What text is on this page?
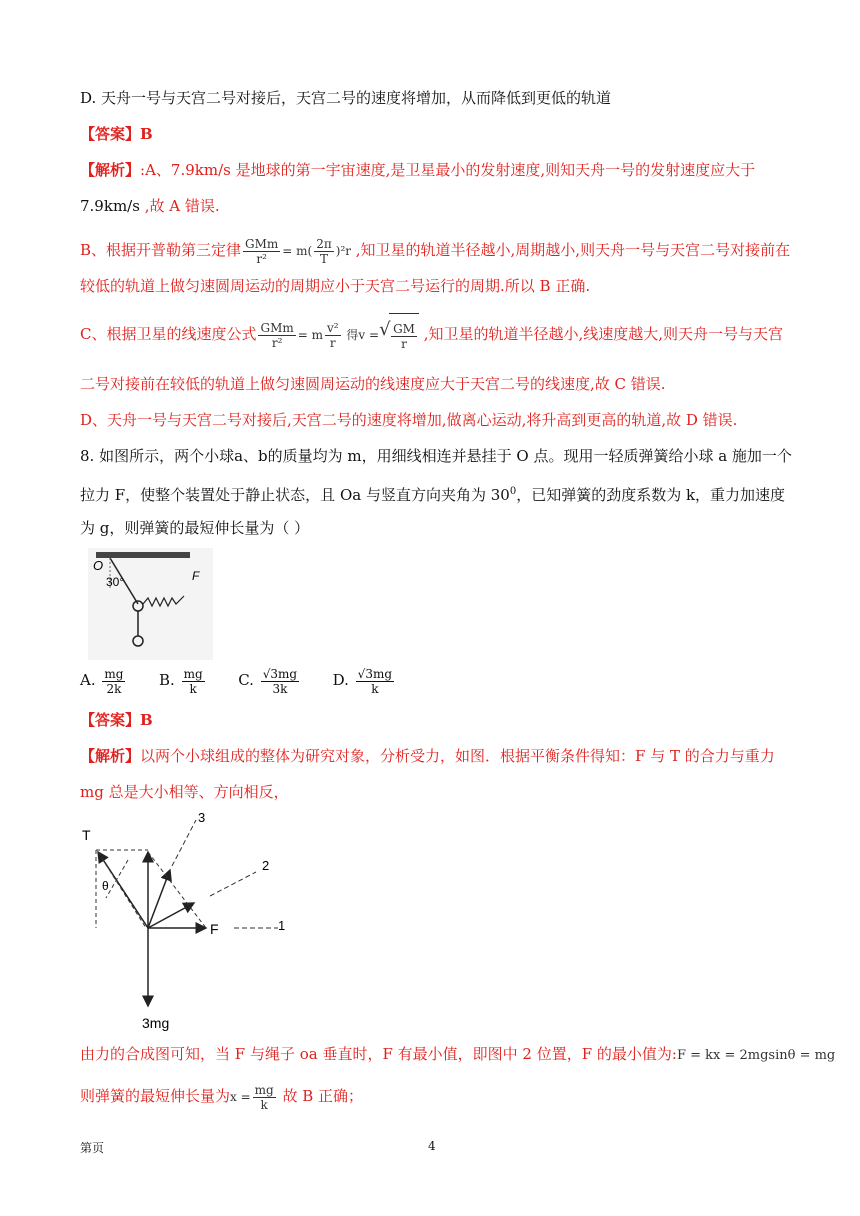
D. 天舟一号与天宫二号对接后，天宫二号的速度将增加，从而降低到更低的轨道
【答案】B
【解析】:A、7.9km/s 是地球的第一宇宙速度,是卫星最小的发射速度,则知天舟一号的发射速度应大于
7.9km/s ,故 A 错误.
B、根据开普勒第三定律 $\frac{\text{GMm}}{\text{r²}} = m( \frac{2\pi}{T} )^2r$ ,知卫星的轨道半径越小,周期越小,则天舟一号与天宫二号对接前在
较低的轨道上做匀速圆周运动的周期应小于天宫二号运行的周期.所以 B 正确.
C、根据卫星的线速度公式 $\frac{\text{GMm}}{\text{r²}} = m \frac{\text{v²}}{r}$ 得v =
√ $\frac{GM}{r}$ ,知卫星的轨道半径越小,线速度越大,则天舟一号与天宫
二号对接前在较低的轨道上做匀速圆周运动的线速度应大于天宫二号的线速度,故 C 错误.
D、天舟一号与天宫二号对接后,天宫二号的速度将增加,做离心运动,将升高到更高的轨道,故 D 错误.
8. 如图所示，两个小球a、b的质量均为 m，用细线相连并悬挂于 O 点。现用一轻质弹簧给小球 a 施加一个
拉力 F，使整个装置处于静止状态，且 Oa 与竖直方向夹角为 $30^0$，已知弹簧的劲度系数为 k，重力加速度
为 g，则弹簧的最短伸长量为（ ）
O
30°	F
A. $\frac{mg}{2k} B$. $\frac{mg}{k} C$. $\frac{√3mg}{3k} D$. $\frac{√3mg}{k}$
【答案】B
【解析】以两个小球组成的整体为研究对象，分析受力，如图．根据平衡条件得知：F 与 T 的合力与重力
mg 总是大小相等、方向相反，
T
θ
F
3mg
1
2
3
由力的合成图可知，当 F 与绳子 oa 垂直时，F 有最小值，即图中 2 位置，F 的最小值为:F = kx = 2mgsinθ = mg
则弹簧的最短伸长量为$x = \frac{mg}{k}$ 故 B 正确；
第页	4
